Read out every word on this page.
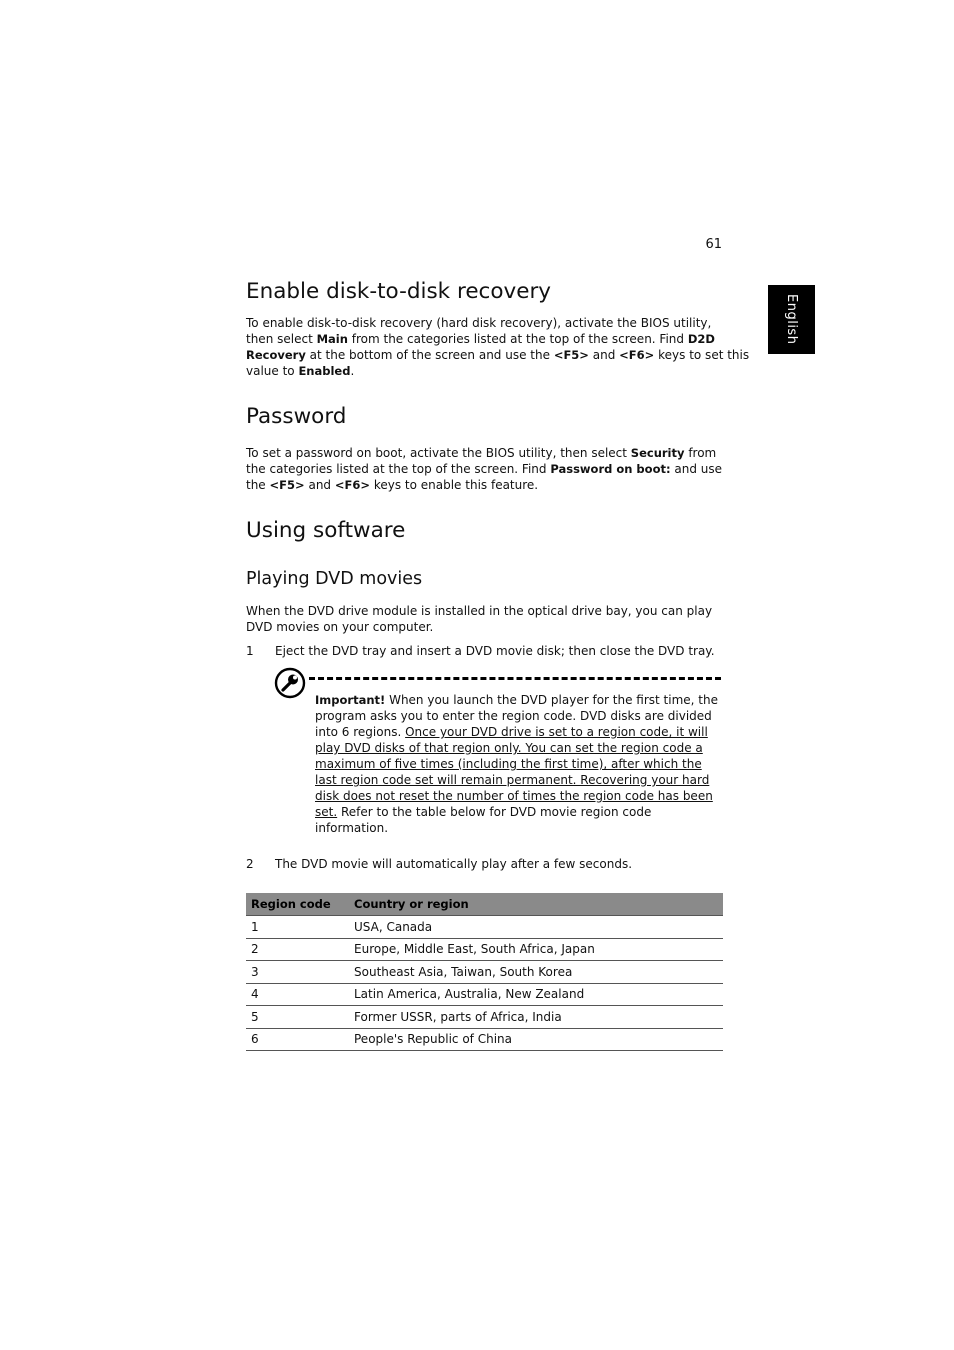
61
English
Enable disk-to-disk recovery
To enable disk-to-disk recovery (hard disk recovery), activate the BIOS utility,
then select Main from the categories listed at the top of the screen. Find D2D
Recovery at the bottom of the screen and use the <F5> and <F6> keys to set this
value to Enabled.
Password
To set a password on boot, activate the BIOS utility, then select Security from
the categories listed at the top of the screen. Find Password on boot: and use
the <F5> and <F6> keys to enable this feature.
Using software
Playing DVD movies
When the DVD drive module is installed in the optical drive bay, you can play
DVD movies on your computer.
1 Eject the DVD tray and insert a DVD movie disk; then close the DVD tray.
Important! When you launch the DVD player for the first time, the
program asks you to enter the region code. DVD disks are divided
into 6 regions. Once your DVD drive is set to a region code, it will
play DVD disks of that region only. You can set the region code a
maximum of five times (including the first time), after which the
last region code set will remain permanent. Recovering your hard
disk does not reset the number of times the region code has been
set. Refer to the table below for DVD movie region code
information.
2 The DVD movie will automatically play after a few seconds.
Region code	Country or region
1	USA, Canada
2	Europe, Middle East, South Africa, Japan
3	Southeast Asia, Taiwan, South Korea
4	Latin America, Australia, New Zealand
5	Former USSR, parts of Africa, India
6	People's Republic of China
